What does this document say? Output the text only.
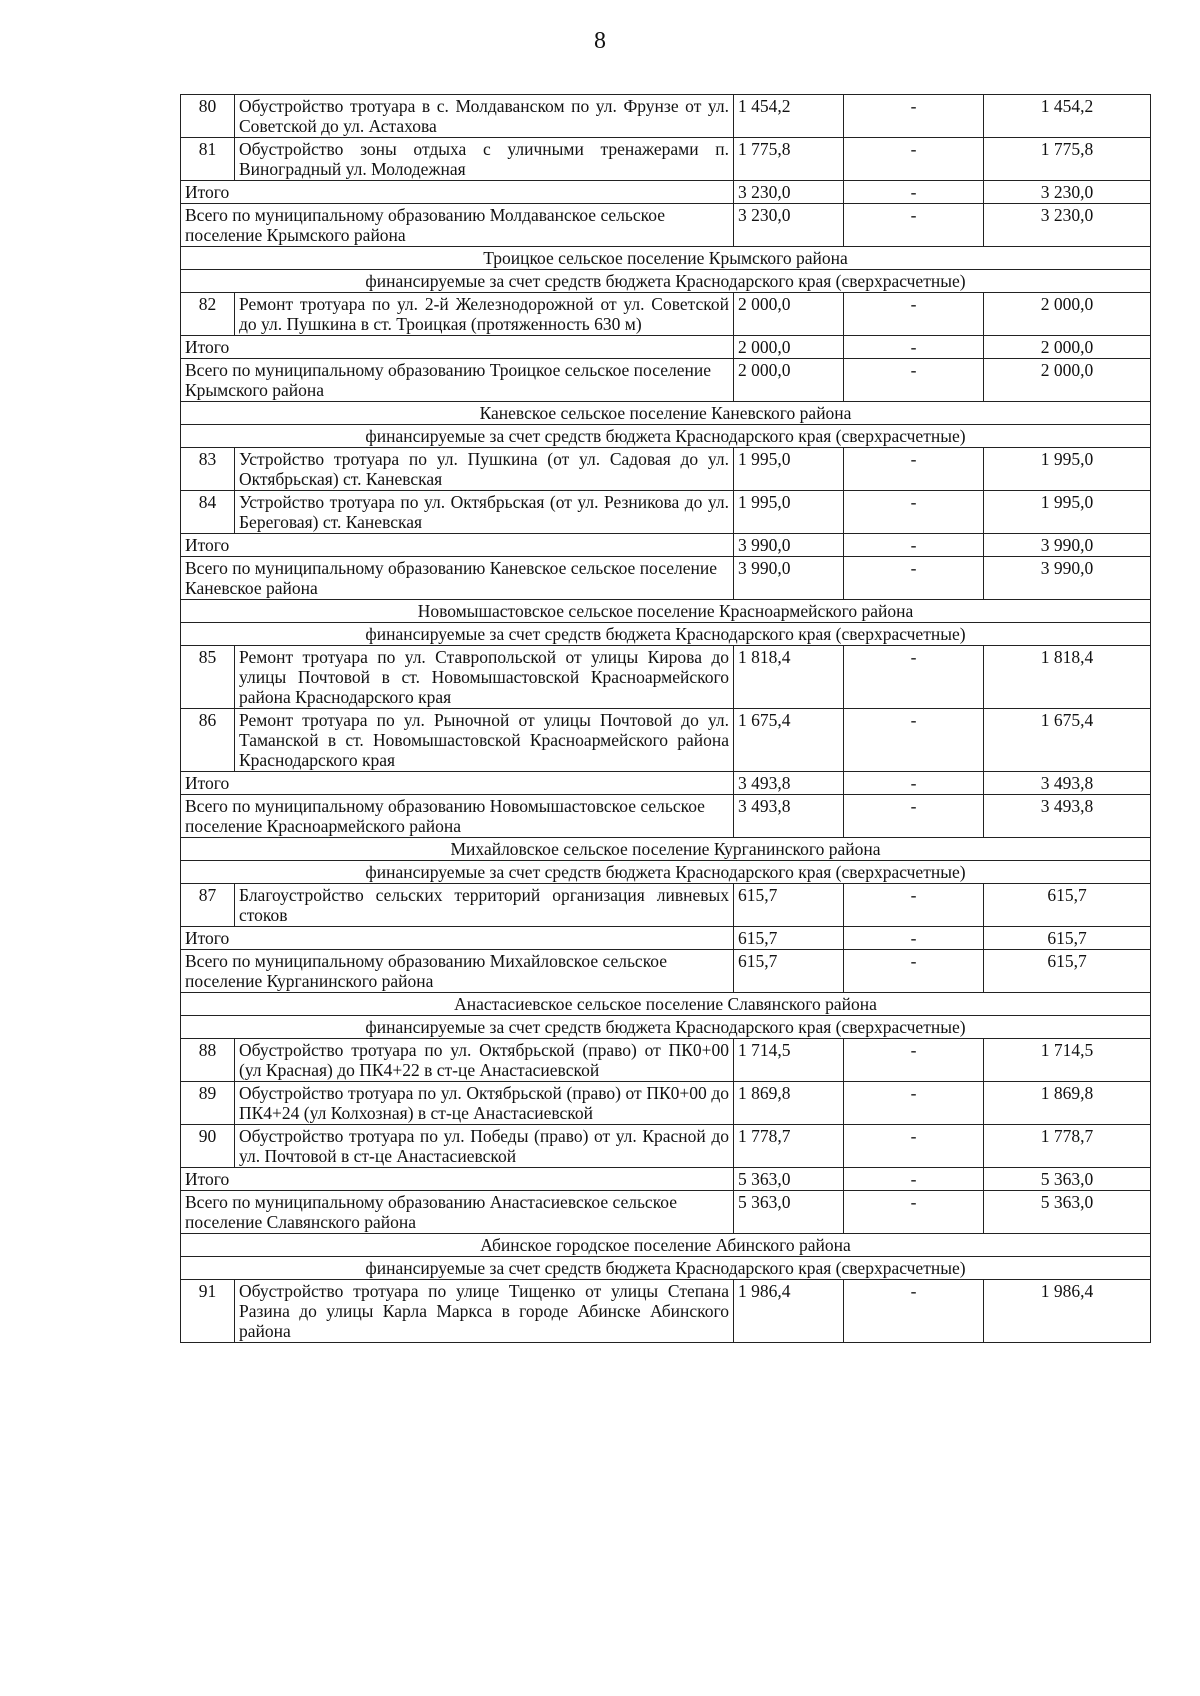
8
80	Обустройство тротуара в с. Молдаванском по ул. Фрунзе от ул. Советской до ул. Астахова	1 454,2	-	1 454,2
81	Обустройство зоны отдыха с уличными тренажерами п. Виноградный ул. Молодежная	1 775,8	-	1 775,8
Итого		3 230,0	-	3 230,0
Всего по муниципальному образованию Молдаванское сельское поселение Крымского района		3 230,0	-	3 230,0
Троицкое сельское поселение Крымского района				
финансируемые за счет средств бюджета Краснодарского края (сверхрасчетные)				
82	Ремонт тротуара по ул. 2-й Железнодорожной от ул. Советской до ул. Пушкина в ст. Троицкая (протяженность 630 м)	2 000,0	-	2 000,0
Итого		2 000,0	-	2 000,0
Всего по муниципальному образованию Троицкое сельское поселение Крымского района		2 000,0	-	2 000,0
Каневское сельское поселение Каневского района				
финансируемые за счет средств бюджета Краснодарского края (сверхрасчетные)				
83	Устройство тротуара по ул. Пушкина (от ул. Садовая до ул. Октябрьская) ст. Каневская	1 995,0	-	1 995,0
84	Устройство тротуара по ул. Октябрьская (от ул. Резникова до ул. Береговая) ст. Каневская	1 995,0	-	1 995,0
Итого		3 990,0	-	3 990,0
Всего по муниципальному образованию Каневское сельское поселение Каневское района		3 990,0	-	3 990,0
Новомышастовское сельское поселение Красноармейского района				
финансируемые за счет средств бюджета Краснодарского края (сверхрасчетные)				
85	Ремонт тротуара по ул. Ставропольской от улицы Кирова до улицы Почтовой в ст. Новомышастовской Красноармейского района Краснодарского края	1 818,4	-	1 818,4
86	Ремонт тротуара по ул. Рыночной от улицы Почтовой до ул. Таманской в ст. Новомышастовской Красноармейского района Краснодарского края	1 675,4	-	1 675,4
Итого		3 493,8	-	3 493,8
Всего по муниципальному образованию Новомышастовское сельское поселение Красноармейского района		3 493,8	-	3 493,8
Михайловское сельское поселение Курганинского района				
финансируемые за счет средств бюджета Краснодарского края (сверхрасчетные)				
87	Благоустройство сельских территорий организация ливневых стоков	615,7	-	615,7
Итого		615,7	-	615,7
Всего по муниципальному образованию Михайловское сельское поселение Курганинского района		615,7	-	615,7
Анастасиевское сельское поселение Славянского района				
финансируемые за счет средств бюджета Краснодарского края (сверхрасчетные)				
88	Обустройство тротуара по ул. Октябрьской (право) от ПК0+00 (ул Красная) до ПК4+22 в ст-це Анастасиевской	1 714,5	-	1 714,5
89	Обустройство тротуара по ул. Октябрьской (право) от ПК0+00 до ПК4+24 (ул Колхозная) в ст-це Анастасиевской	1 869,8	-	1 869,8
90	Обустройство тротуара по ул. Победы (право) от ул. Красной до ул. Почтовой в ст-це Анастасиевской	1 778,7	-	1 778,7
Итого		5 363,0	-	5 363,0
Всего по муниципальному образованию Анастасиевское сельское поселение Славянского района		5 363,0	-	5 363,0
Абинское городское поселение Абинского района				
финансируемые за счет средств бюджета Краснодарского края (сверхрасчетные)				
91	Обустройство тротуара по улице Тищенко от улицы Степана Разина до улицы Карла Маркса в городе Абинске Абинского района	1 986,4	-	1 986,4
